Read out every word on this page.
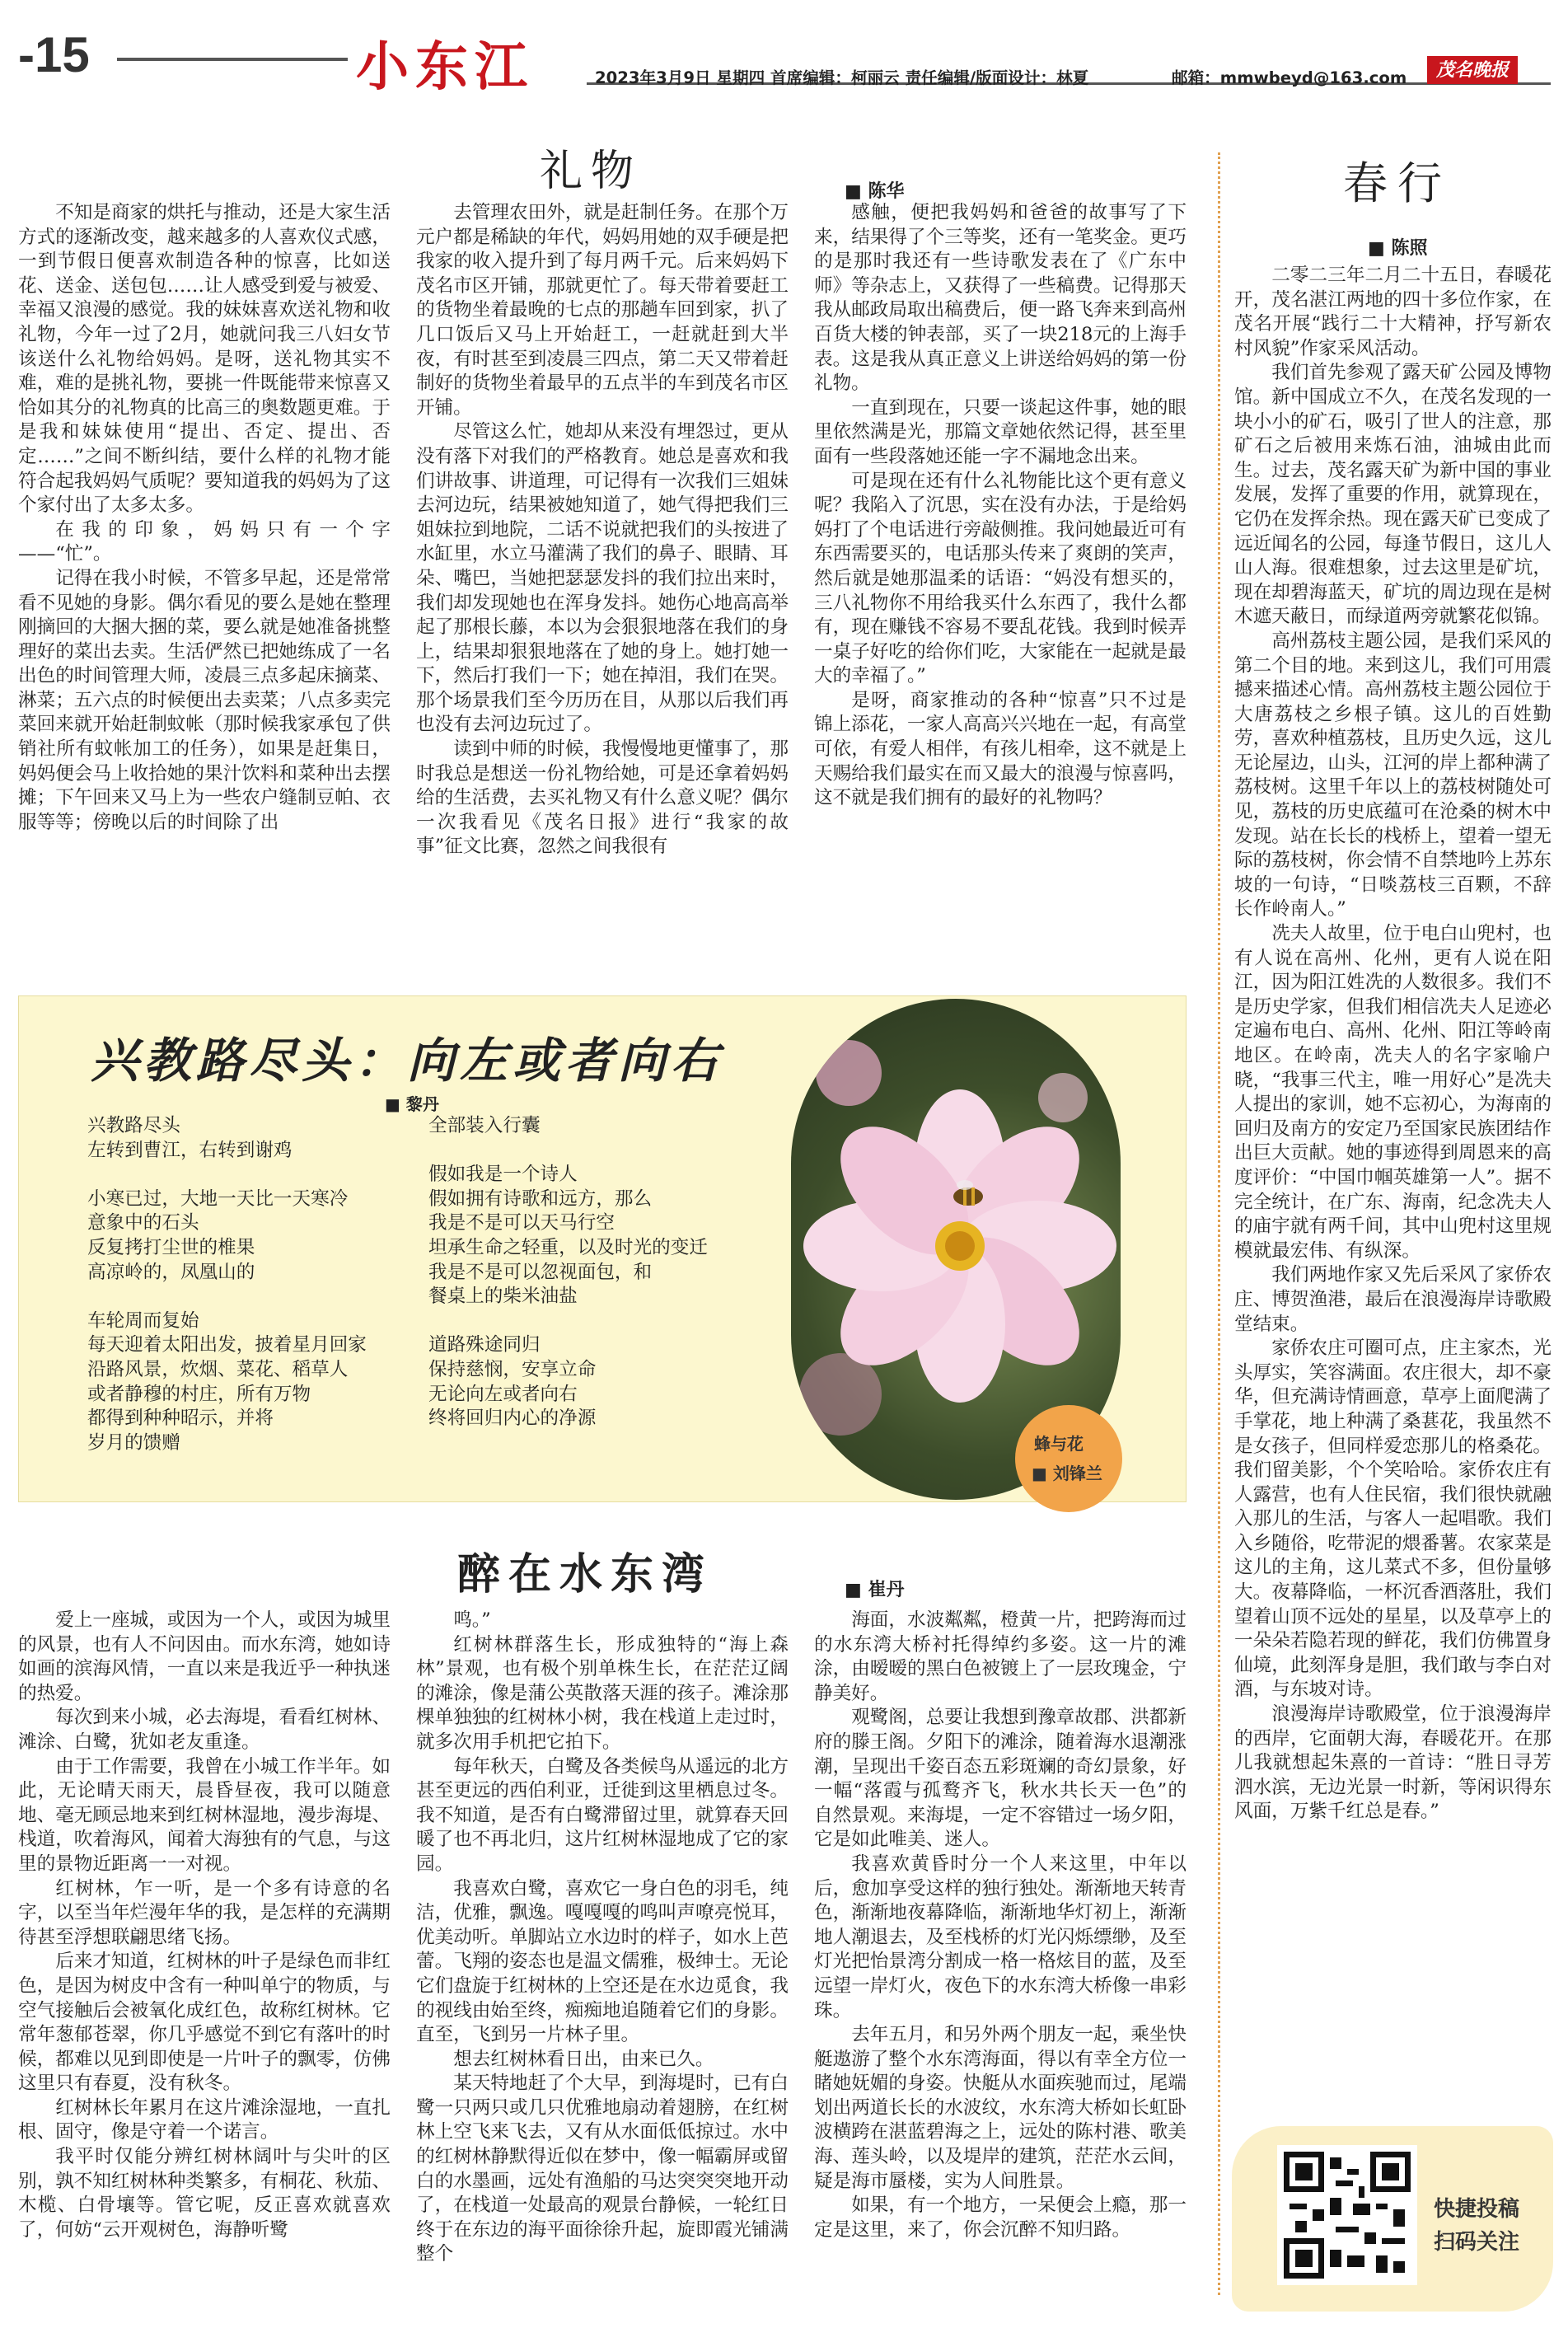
-15	小东江	2023年3月9日 星期四 首席编辑：柯丽云 责任编辑/版面设计：林夏	邮箱：mmwbeyd@163.com	茂名晚报
礼物	■ 陈华

不知是商家的烘托与推动，还是大家生活方式的逐渐改变，越来越多的人喜欢仪式感，一到节假日便喜欢制造各种的惊喜，比如送花、送金、送包包……让人感受到爱与被爱、幸福又浪漫的感觉。我的妹妹喜欢送礼物和收礼物，今年一过了2月，她就问我三八妇女节该送什么礼物给妈妈。是呀，送礼物其实不难，难的是挑礼物，要挑一件既能带来惊喜又恰如其分的礼物真的比高三的奥数题更难。于是我和妹妹使用“提出、否定、提出、否定……”之间不断纠结，要什么样的礼物才能符合起我妈妈气质呢？要知道我的妈妈为了这个家付出了太多太多。

在我的印象，妈妈只有一个字——“忙”。

记得在我小时候，不管多早起，还是常常看不见她的身影。偶尔看见的要么是她在整理刚摘回的大捆大捆的菜，要么就是她准备挑整理好的菜出去卖。生活俨然已把她练成了一名出色的时间管理大师，凌晨三点多起床摘菜、淋菜；五六点的时候便出去卖菜；八点多卖完菜回来就开始赶制蚊帐（那时候我家承包了供销社所有蚊帐加工的任务），如果是赶集日，妈妈便会马上收拾她的果汁饮料和菜种出去摆摊；下午回来又马上为一些农户缝制豆帕、衣服等等；傍晚以后的时间除了出

去管理农田外，就是赶制任务。在那个万元户都是稀缺的年代，妈妈用她的双手硬是把我家的收入提升到了每月两千元。后来妈妈下茂名市区开铺，那就更忙了。每天带着要赶工的货物坐着最晚的七点的那趟车回到家，扒了几口饭后又马上开始赶工，一赶就赶到大半夜，有时甚至到凌晨三四点，第二天又带着赶制好的货物坐着最早的五点半的车到茂名市区开铺。

尽管这么忙，她却从来没有埋怨过，更从没有落下对我们的严格教育。她总是喜欢和我们讲故事、讲道理，可记得有一次我们三姐妹去河边玩，结果被她知道了，她气得把我们三姐妹拉到地院，二话不说就把我们的头按进了水缸里，水立马灌满了我们的鼻子、眼睛、耳朵、嘴巴，当她把瑟瑟发抖的我们拉出来时，我们却发现她也在浑身发抖。她伤心地高高举起了那根长藤，本以为会狠狠地落在我们的身上，结果却狠狠地落在了她的身上。她打她一下，然后打我们一下；她在掉泪，我们在哭。那个场景我们至今历历在目，从那以后我们再也没有去河边玩过了。

读到中师的时候，我慢慢地更懂事了，那时我总是想送一份礼物给她，可是还拿着妈妈给的生活费，去买礼物又有什么意义呢？偶尔一次我看见《茂名日报》进行“我家的故事”征文比赛，忽然之间我很有

感触，便把我妈妈和爸爸的故事写了下来，结果得了个三等奖，还有一笔奖金。更巧的是那时我还有一些诗歌发表在了《广东中师》等杂志上，又获得了一些稿费。记得那天我从邮政局取出稿费后，便一路飞奔来到高州百货大楼的钟表部，买了一块218元的上海手表。这是我从真正意义上讲送给妈妈的第一份礼物。

一直到现在，只要一谈起这件事，她的眼里依然满是光，那篇文章她依然记得，甚至里面有一些段落她还能一字不漏地念出来。

可是现在还有什么礼物能比这个更有意义呢？我陷入了沉思，实在没有办法，于是给妈妈打了个电话进行旁敲侧推。我问她最近可有东西需要买的，电话那头传来了爽朗的笑声，然后就是她那温柔的话语：“妈没有想买的，三八礼物你不用给我买什么东西了，我什么都有，现在赚钱不容易不要乱花钱。我到时候弄一桌子好吃的给你们吃，大家能在一起就是最大的幸福了。”

是呀，商家推动的各种“惊喜”只不过是锦上添花，一家人高高兴兴地在一起，有高堂可依，有爱人相伴，有孩儿相牵，这不就是上天赐给我们最实在而又最大的浪漫与惊喜吗，这不就是我们拥有的最好的礼物吗？

兴教路尽头：向左或者向右
■ 黎丹
兴教路尽头
左转到曹江，右转到谢鸡
小寒已过，大地一天比一天寒冷
意象中的石头
反复拷打尘世的椎果
高凉岭的，凤凰山的
车轮周而复始
每天迎着太阳出发，披着星月回家
沿路风景，炊烟、菜花、稻草人
或者静穆的村庄，所有万物
都得到种种昭示，并将
岁月的馈赠
全部装入行囊
假如我是一个诗人
假如拥有诗歌和远方，那么
我是不是可以天马行空
坦承生命之轻重，以及时光的变迁
我是不是可以忽视面包，和
餐桌上的柴米油盐
道路殊途同归
保持慈悯，安享立命
无论向左或者向右
终将回归内心的净源
蜂与花
■ 刘锋兰
醉在水东湾	■ 崔丹

爱上一座城，或因为一个人，或因为城里的风景，也有人不问因由。而水东湾，她如诗如画的滨海风情，一直以来是我近乎一种执迷的热爱。

每次到来小城，必去海堤，看看红树林、滩涂、白鹭，犹如老友重逢。

由于工作需要，我曾在小城工作半年。如此，无论晴天雨天，晨昏昼夜，我可以随意地、毫无顾忌地来到红树林湿地，漫步海堤、栈道，吹着海风，闻着大海独有的气息，与这里的景物近距离一一对视。

红树林，乍一听，是一个多有诗意的名字，以至当年烂漫年华的我，是怎样的充满期待甚至浮想联翩思绪飞扬。

后来才知道，红树林的叶子是绿色而非红色，是因为树皮中含有一种叫单宁的物质，与空气接触后会被氧化成红色，故称红树林。它常年葱郁苍翠，你几乎感觉不到它有落叶的时候，都难以见到即使是一片叶子的飘零，仿佛这里只有春夏，没有秋冬。

红树林长年累月在这片滩涂湿地，一直扎根、固守，像是守着一个诺言。

我平时仅能分辨红树林阔叶与尖叶的区别，孰不知红树林种类繁多，有桐花、秋茄、木榄、白骨壤等。管它呢，反正喜欢就喜欢了，何妨“云开观树色，海静听鹭

鸣。”

红树林群落生长，形成独特的“海上森林”景观，也有极个别单株生长，在茫茫辽阔的滩涂，像是蒲公英散落天涯的孩子。滩涂那棵单独独的红树林小树，我在栈道上走过时，就多次用手机把它拍下。

每年秋天，白鹭及各类候鸟从遥远的北方甚至更远的西伯利亚，迁徙到这里栖息过冬。我不知道，是否有白鹭滞留过里，就算春天回暖了也不再北归，这片红树林湿地成了它的家园。

我喜欢白鹭，喜欢它一身白色的羽毛，纯洁，优雅，飘逸。嘎嘎嘎的鸣叫声嘹亮悦耳，优美动听。单脚站立水边时的样子，如水上芭蕾。飞翔的姿态也是温文儒雅，极绅士。无论它们盘旋于红树林的上空还是在水边觅食，我的视线由始至终，痴痴地追随着它们的身影。直至，飞到另一片林子里。

想去红树林看日出，由来已久。

某天特地赶了个大早，到海堤时，已有白鹭一只两只或几只优雅地扇动着翅膀，在红树林上空飞来飞去，又有从水面低低掠过。水中的红树林静默得近似在梦中，像一幅霸屏或留白的水墨画，远处有渔船的马达突突突地开动了，在栈道一处最高的观景台静候，一轮红日终于在东边的海平面徐徐升起，旋即霞光铺满整个

海面，水波粼粼，橙黄一片，把跨海而过的水东湾大桥衬托得绰约多姿。这一片的滩涂，由暧暧的黑白色被镀上了一层玫瑰金，宁静美好。

观鹭阁，总要让我想到豫章故郡、洪都新府的滕王阁。夕阳下的滩涂，随着海水退潮涨潮，呈现出千姿百态五彩斑斓的奇幻景象，好一幅“落霞与孤鹜齐飞，秋水共长天一色”的自然景观。来海堤，一定不容错过一场夕阳，它是如此唯美、迷人。

我喜欢黄昏时分一个人来这里，中年以后，愈加享受这样的独行独处。渐渐地天转青色，渐渐地夜幕降临，渐渐地华灯初上，渐渐地人潮退去，及至栈桥的灯光闪烁缥缈，及至灯光把怡景湾分割成一格一格炫目的蓝，及至远望一岸灯火，夜色下的水东湾大桥像一串彩珠。

去年五月，和另外两个朋友一起，乘坐快艇遨游了整个水东湾海面，得以有幸全方位一睹她妩媚的身姿。快艇从水面疾驰而过，尾端划出两道长长的水波纹，水东湾大桥如长虹卧波横跨在湛蓝碧海之上，远处的陈村港、歌美海、莲头岭，以及堤岸的建筑，茫茫水云间，疑是海市蜃楼，实为人间胜景。

如果，有一个地方，一呆便会上瘾，那一定是这里，来了，你会沉醉不知归路。

春行
■ 陈照

二零二三年二月二十五日，春暖花开，茂名湛江两地的四十多位作家，在茂名开展“践行二十大精神，抒写新农村风貌”作家采风活动。

我们首先参观了露天矿公园及博物馆。新中国成立不久，在茂名发现的一块小小的矿石，吸引了世人的注意，那矿石之后被用来炼石油，油城由此而生。过去，茂名露天矿为新中国的事业发展，发挥了重要的作用，就算现在，它仍在发挥余热。现在露天矿已变成了远近闻名的公园，每逢节假日，这儿人山人海。很难想象，过去这里是矿坑，现在却碧海蓝天，矿坑的周边现在是树木遮天蔽日，而绿道两旁就繁花似锦。

高州荔枝主题公园，是我们采风的第二个目的地。来到这儿，我们可用震撼来描述心情。高州荔枝主题公园位于大唐荔枝之乡根子镇。这儿的百姓勤劳，喜欢种植荔枝，且历史久远，这儿无论屋边，山头，江河的岸上都种满了荔枝树。这里千年以上的荔枝树随处可见，荔枝的历史底蕴可在沧桑的树木中发现。站在长长的栈桥上，望着一望无际的荔枝树，你会情不自禁地吟上苏东坡的一句诗，“日啖荔枝三百颗，不辞长作岭南人。”

冼夫人故里，位于电白山兜村，也有人说在高州、化州，更有人说在阳江，因为阳江姓冼的人数很多。我们不是历史学家，但我们相信冼夫人足迹必定遍布电白、高州、化州、阳江等岭南地区。在岭南，冼夫人的名字家喻户晓，“我事三代主，唯一用好心”是冼夫人提出的家训，她不忘初心，为海南的回归及南方的安定乃至国家民族团结作出巨大贡献。她的事迹得到周恩来的高度评价：“中国巾帼英雄第一人”。据不完全统计，在广东、海南，纪念冼夫人的庙宇就有两千间，其中山兜村这里规模就最宏伟、有纵深。

我们两地作家又先后采风了家侨农庄、博贺渔港，最后在浪漫海岸诗歌殿堂结束。

家侨农庄可圈可点，庄主家杰，光头厚实，笑容满面。农庄很大，却不豪华，但充满诗情画意，草亭上面爬满了手掌花，地上种满了桑葚花，我虽然不是女孩子，但同样爱恋那儿的格桑花。我们留美影，个个笑哈哈。家侨农庄有人露营，也有人住民宿，我们很快就融入那儿的生活，与客人一起唱歌。我们入乡随俗，吃带泥的煨番薯。农家菜是这儿的主角，这儿菜式不多，但份量够大。夜幕降临，一杯沉香酒落肚，我们望着山顶不远处的星星，以及草亭上的一朵朵若隐若现的鲜花，我们仿佛置身仙境，此刻浑身是胆，我们敢与李白对酒，与东坡对诗。

浪漫海岸诗歌殿堂，位于浪漫海岸的西岸，它面朝大海，春暖花开。在那儿我就想起朱熹的一首诗：“胜日寻芳泗水滨，无边光景一时新，等闲识得东风面，万紫千红总是春。”

快捷投稿
扫码关注
